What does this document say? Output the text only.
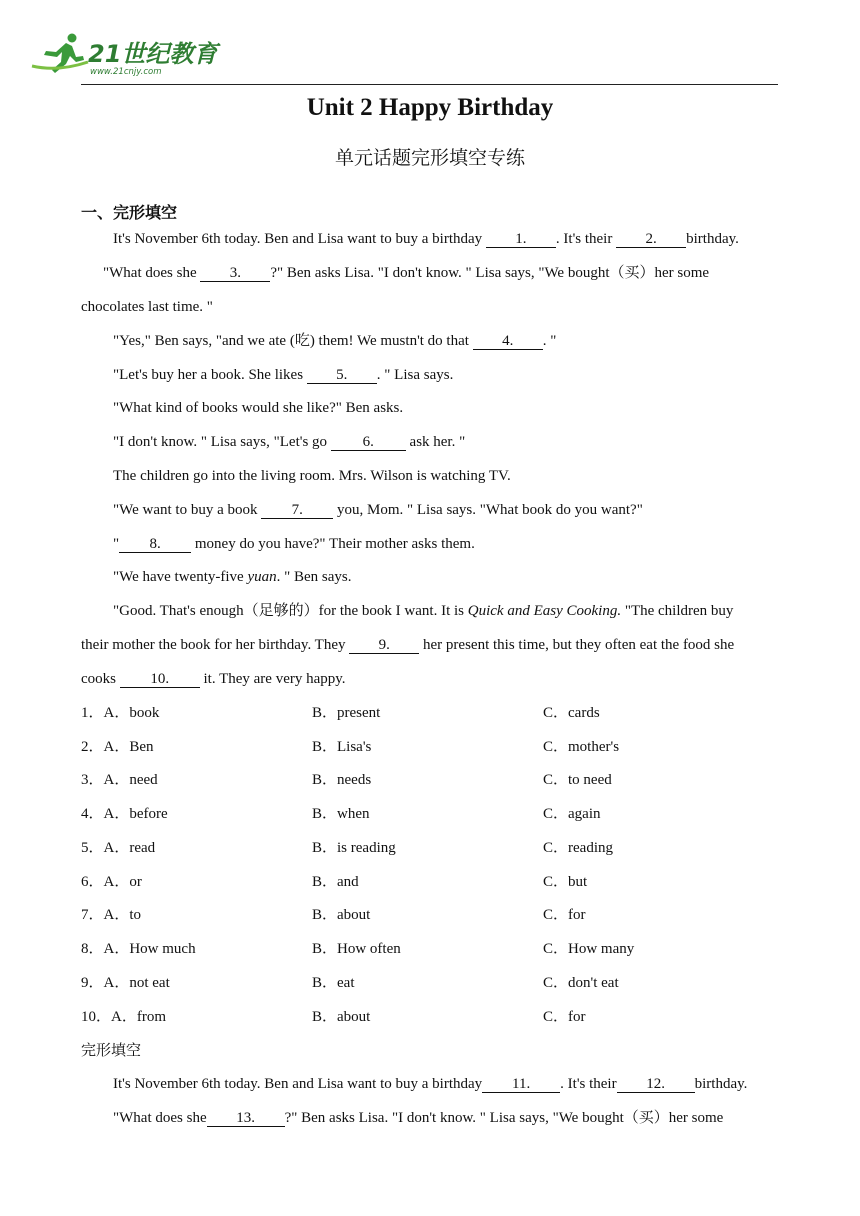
21世纪教育
www.21cnjy.com
Unit 2 Happy Birthday
单元话题完形填空专练
一、完形填空
It's November 6th today. Ben and Lisa want to buy a birthday 1. . It's their 2. birthday.
"What does she 3. ?" Ben asks Lisa. "I don't know. " Lisa says, "We bought（买）her some
chocolates last time. "
"Yes," Ben says, "and we ate (吃) them! We mustn't do that 4. . "
"Let's buy her a book. She likes 5. . " Lisa says.
"What kind of books would she like?" Ben asks.
"I don't know. " Lisa says, "Let's go 6. ask her. "
The children go into the living room. Mrs. Wilson is watching TV.
"We want to buy a book 7. you, Mom. " Lisa says. "What book do you want?"
" 8. money do you have?" Their mother asks them.
"We have twenty-five yuan. " Ben says.
"Good. That's enough（足够的）for the book I want. It is Quick and Easy Cooking. "The children buy
their mother the book for her birthday. They 9. her present this time, but they often eat the food she
cooks 10. it. They are very happy.
1．A．book	B．present	C．cards
2．A．Ben	B．Lisa's	C．mother's
3．A．need	B．needs	C．to need
4．A．before	B．when	C．again
5．A．read	B．is reading	C．reading
6．A．or	B．and	C．but
7．A．to	B．about	C．for
8．A．How much	B．How often	C．How many
9．A．not eat	B．eat	C．don't eat
10．A．from	B．about	C．for
完形填空
It's November 6th today. Ben and Lisa want to buy a birthday 11. . It's their 12. birthday.
"What does she 13. ?" Ben asks Lisa. "I don't know. " Lisa says, "We bought（买）her some
